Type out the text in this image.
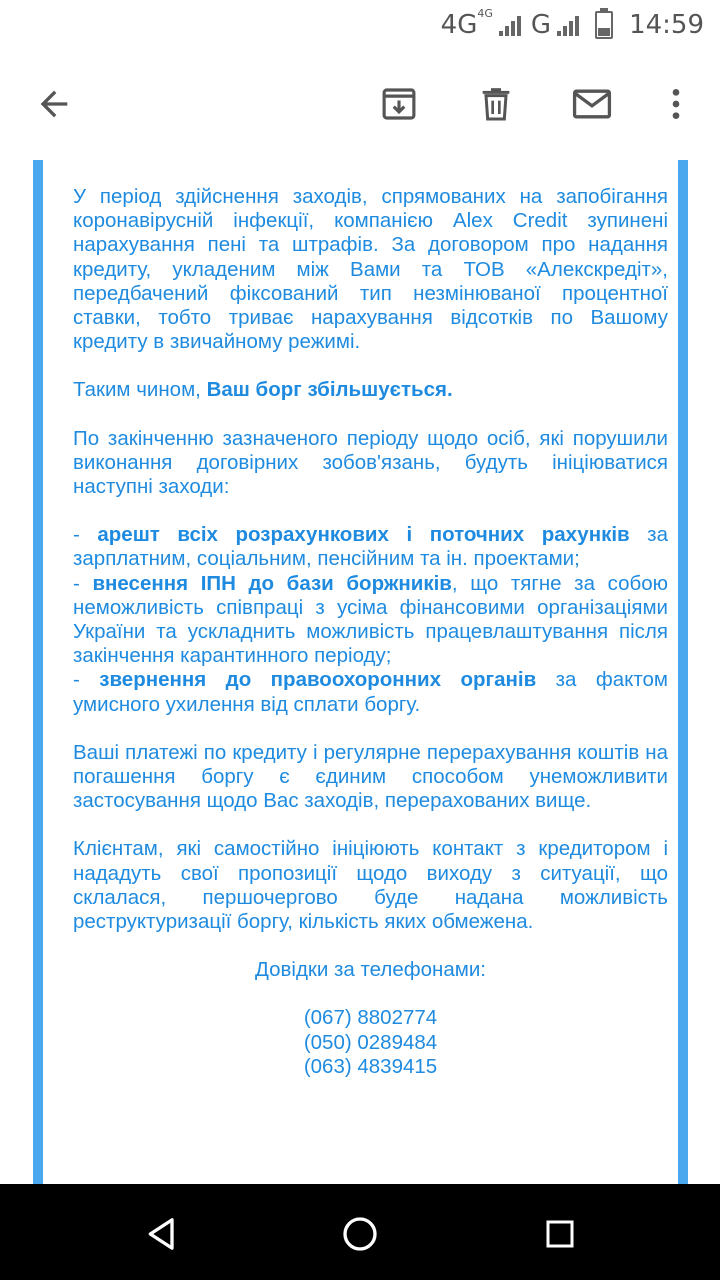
$4G^{4G}$ G	14:59

У період здійснення заходів, спрямованих на запобігання коронавірусній інфекції, компанією Alex Credit зупинені нарахування пені та штрафів. За договором про надання кредиту, укладеним між Вами та ТОВ «Алекскредіт», передбачений фіксований тип незмінюваної процентної ставки, тобто триває нарахування відсотків по Вашому кредиту в звичайному режимі.

Таким чином, Ваш борг збільшується.

По закінченню зазначеного періоду щодо осіб, які порушили виконання договірних зобов'язань, будуть ініціюватися наступні заходи:

- арешт всіх розрахункових і поточних рахунків за зарплатним, соціальним, пенсійним та ін. проектами;

- внесення ІПН до бази боржників, що тягне за собою неможливість співпраці з усіма фінансовими організаціями України та ускладнить можливість працевлаштування після закінчення карантинного періоду;

- звернення до правоохоронних органів за фактом умисного ухилення від сплати боргу.

Ваші платежі по кредиту і регулярне перерахування коштів на погашення боргу є єдиним способом унеможливити застосування щодо Вас заходів, перерахованих вище.

Клієнтам, які самостійно ініціюють контакт з кредитором і нададуть свої пропозиції щодо виходу з ситуації, що склалася, першочергово буде надана можливість реструктуризації боргу, кількість яких обмежена.

Довідки за телефонами:

(067) 8802774

(050) 0289484

(063) 4839415
